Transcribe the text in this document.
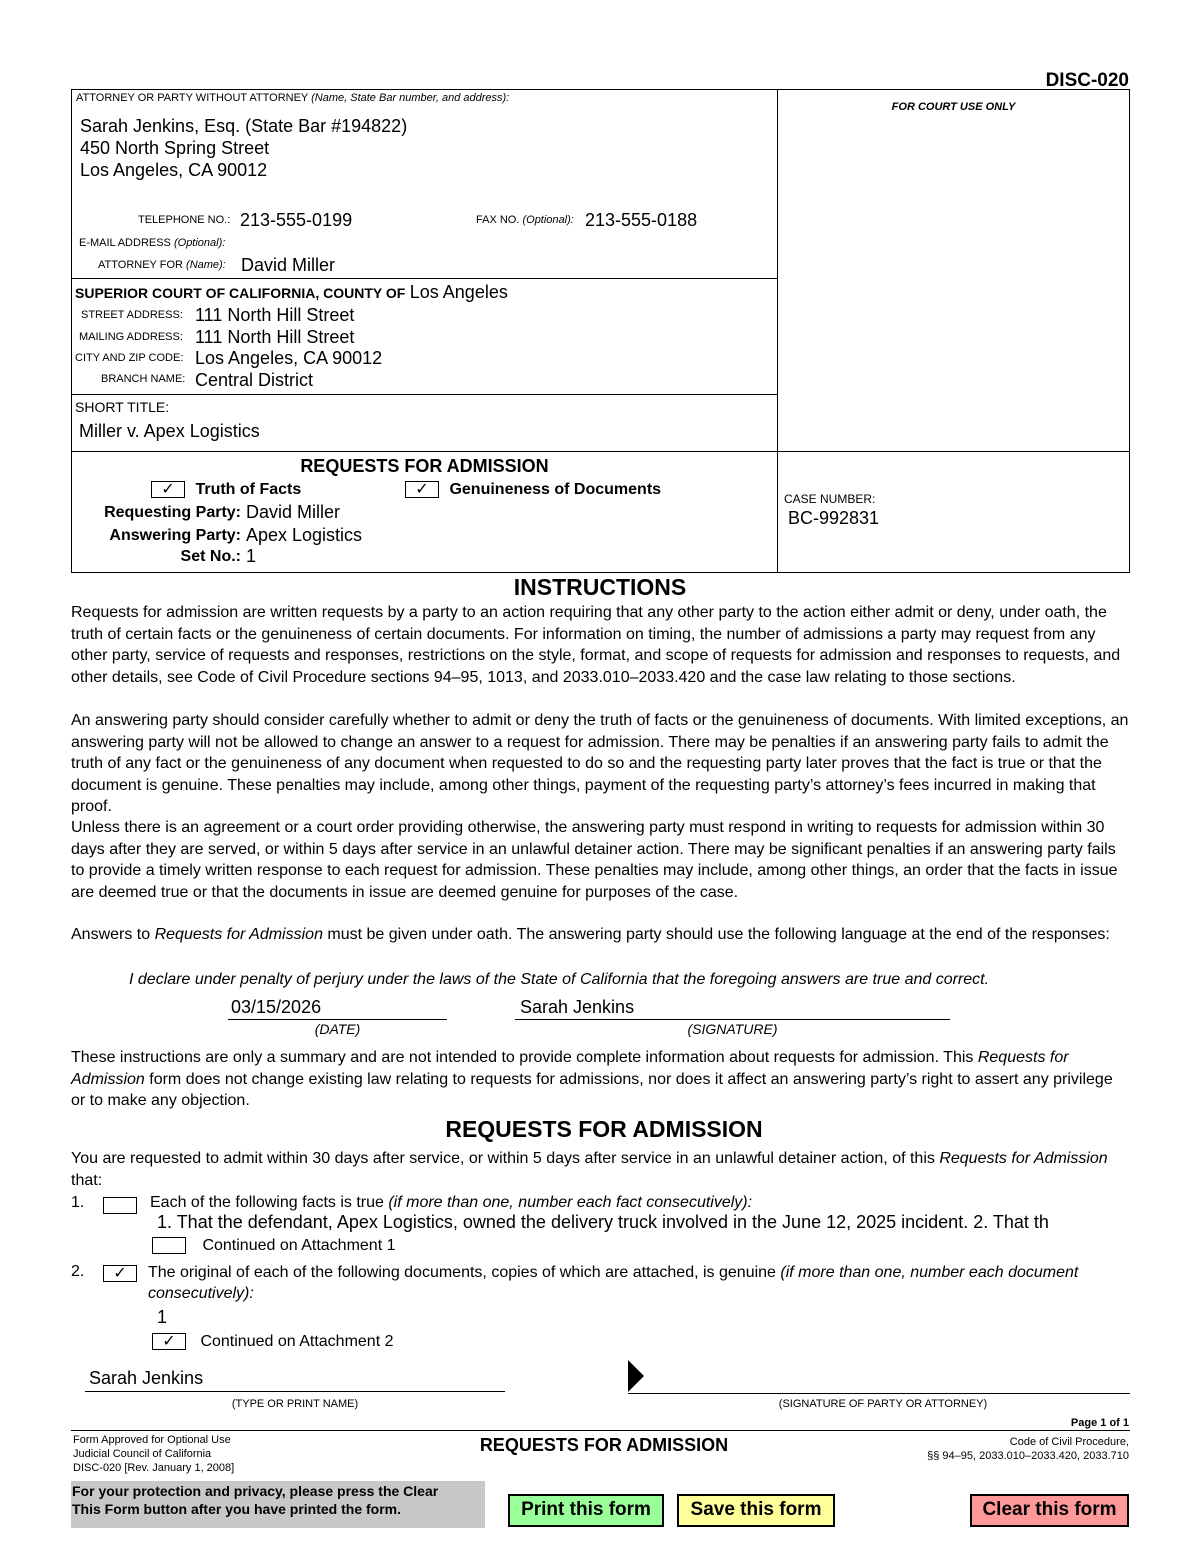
DISC-020
ATTORNEY OR PARTY WITHOUT ATTORNEY (Name, State Bar number, and address):
Sarah Jenkins, Esq. (State Bar #194822)
450 North Spring Street
Los Angeles, CA 90012
TELEPHONE NO.: 213-555-0199	FAX NO. (Optional): 213-555-0188
E-MAIL ADDRESS (Optional):
ATTORNEY FOR (Name): David Miller
FOR COURT USE ONLY
SUPERIOR COURT OF CALIFORNIA, COUNTY OF Los Angeles
STREET ADDRESS: 111 North Hill Street
MAILING ADDRESS: 111 North Hill Street
CITY AND ZIP CODE: Los Angeles, CA 90012
BRANCH NAME: Central District
SHORT TITLE:
Miller v. Apex Logistics
REQUESTS FOR ADMISSION
✓ Truth of Facts	✓ Genuineness of Documents
Requesting Party: David Miller
Answering Party: Apex Logistics
Set No.: 1
CASE NUMBER:
BC-992831
INSTRUCTIONS
Requests for admission are written requests by a party to an action requiring that any other party to the action either admit or deny, under oath, the truth of certain facts or the genuineness of certain documents. For information on timing, the number of admissions a party may request from any other party, service of requests and responses, restrictions on the style, format, and scope of requests for admission and responses to requests, and other details, see Code of Civil Procedure sections 94–95, 1013, and 2033.010–2033.420 and the case law relating to those sections.
An answering party should consider carefully whether to admit or deny the truth of facts or the genuineness of documents. With limited exceptions, an answering party will not be allowed to change an answer to a request for admission. There may be penalties if an answering party fails to admit the truth of any fact or the genuineness of any document when requested to do so and the requesting party later proves that the fact is true or that the document is genuine. These penalties may include, among other things, payment of the requesting party’s attorney’s fees incurred in making that proof.
Unless there is an agreement or a court order providing otherwise, the answering party must respond in writing to requests for admission within 30 days after they are served, or within 5 days after service in an unlawful detainer action. There may be significant penalties if an answering party fails to provide a timely written response to each request for admission. These penalties may include, among other things, an order that the facts in issue are deemed true or that the documents in issue are deemed genuine for purposes of the case.
Answers to Requests for Admission must be given under oath. The answering party should use the following language at the end of the responses:
I declare under penalty of perjury under the laws of the State of California that the foregoing answers are true and correct.
03/15/2026
(DATE)
Sarah Jenkins
(SIGNATURE)
These instructions are only a summary and are not intended to provide complete information about requests for admission. This Requests for Admission form does not change existing law relating to requests for admissions, nor does it affect an answering party’s right to assert any privilege or to make any objection.
REQUESTS FOR ADMISSION
You are requested to admit within 30 days after service, or within 5 days after service in an unlawful detainer action, of this Requests for Admission that:
1.	Each of the following facts is true (if more than one, number each fact consecutively):
1. That the defendant, Apex Logistics, owned the delivery truck involved in the June 12, 2025 incident. 2. That th
Continued on Attachment 1
2.	✓	The original of each of the following documents, copies of which are attached, is genuine (if more than one, number each document consecutively):
1
✓ Continued on Attachment 2
Sarah Jenkins
(TYPE OR PRINT NAME)	(SIGNATURE OF PARTY OR ATTORNEY)
Page 1 of 1
Form Approved for Optional Use
Judicial Council of California
DISC-020 [Rev. January 1, 2008]
REQUESTS FOR ADMISSION	Code of Civil Procedure,
§§ 94–95, 2033.010–2033.420, 2033.710
For your protection and privacy, please press the Clear
This Form button after you have printed the form.	Print this form	Save this form	Clear this form
